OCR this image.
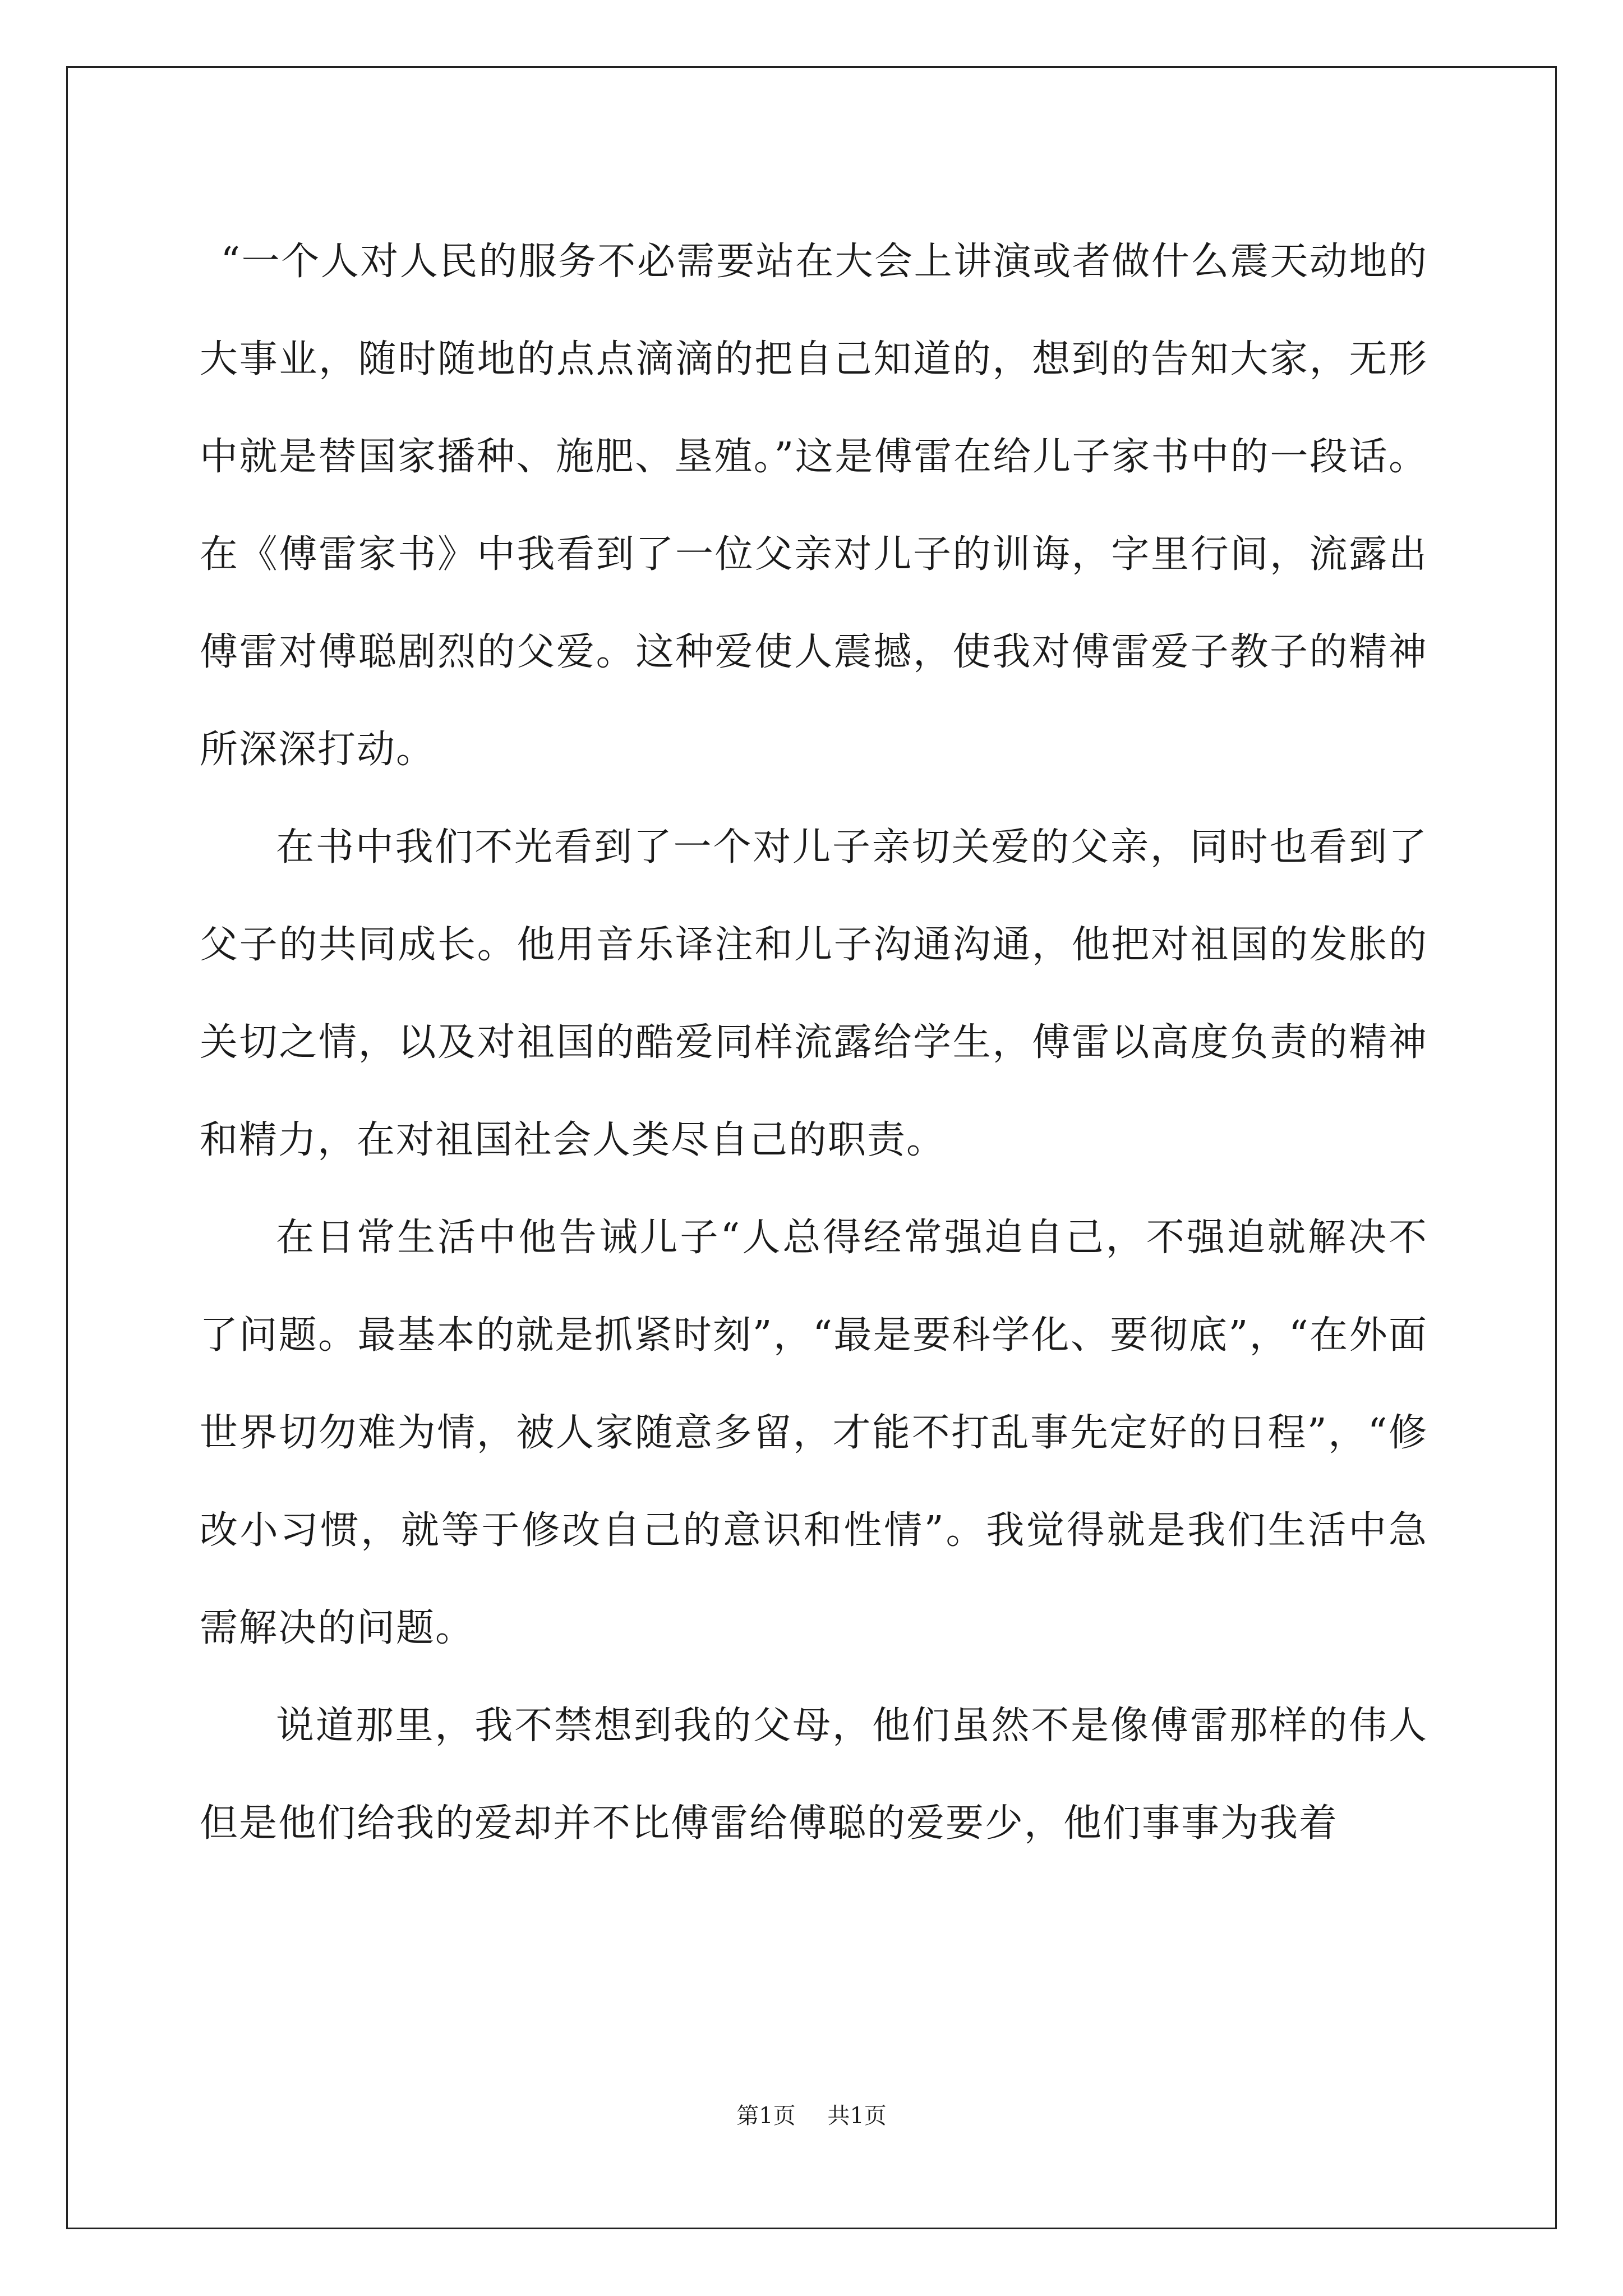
“一个人对人民的服务不必需要站在大会上讲演或者做什么震天动地的大事业，随时随地的点点滴滴的把自己知道的，想到的告知大家，无形中就是替国家播种、施肥、垦殖。”这是傅雷在给儿子家书中的一段话。在《傅雷家书》中我看到了一位父亲对儿子的训诲，字里行间，流露出傅雷对傅聪剧烈的父爱。这种爱使人震撼，使我对傅雷爱子教子的精神所深深打动。

在书中我们不光看到了一个对儿子亲切关爱的父亲，同时也看到了父子的共同成长。他用音乐译注和儿子沟通沟通，他把对祖国的发胀的关切之情，以及对祖国的酷爱同样流露给学生，傅雷以高度负责的精神和精力，在对祖国社会人类尽自己的职责。

在日常生活中他告诫儿子“人总得经常强迫自己，不强迫就解决不了问题。最基本的就是抓紧时刻”，“最是要科学化、要彻底”，“在外面世界切勿难为情，被人家随意多留，才能不打乱事先定好的日程”，“修改小习惯，就等于修改自己的意识和性情”。我觉得就是我们生活中急需解决的问题。

说道那里，我不禁想到我的父母，他们虽然不是像傅雷那样的伟人但是他们给我的爱却并不比傅雷给傅聪的爱要少，他们事事为我着

第1页 共1页
